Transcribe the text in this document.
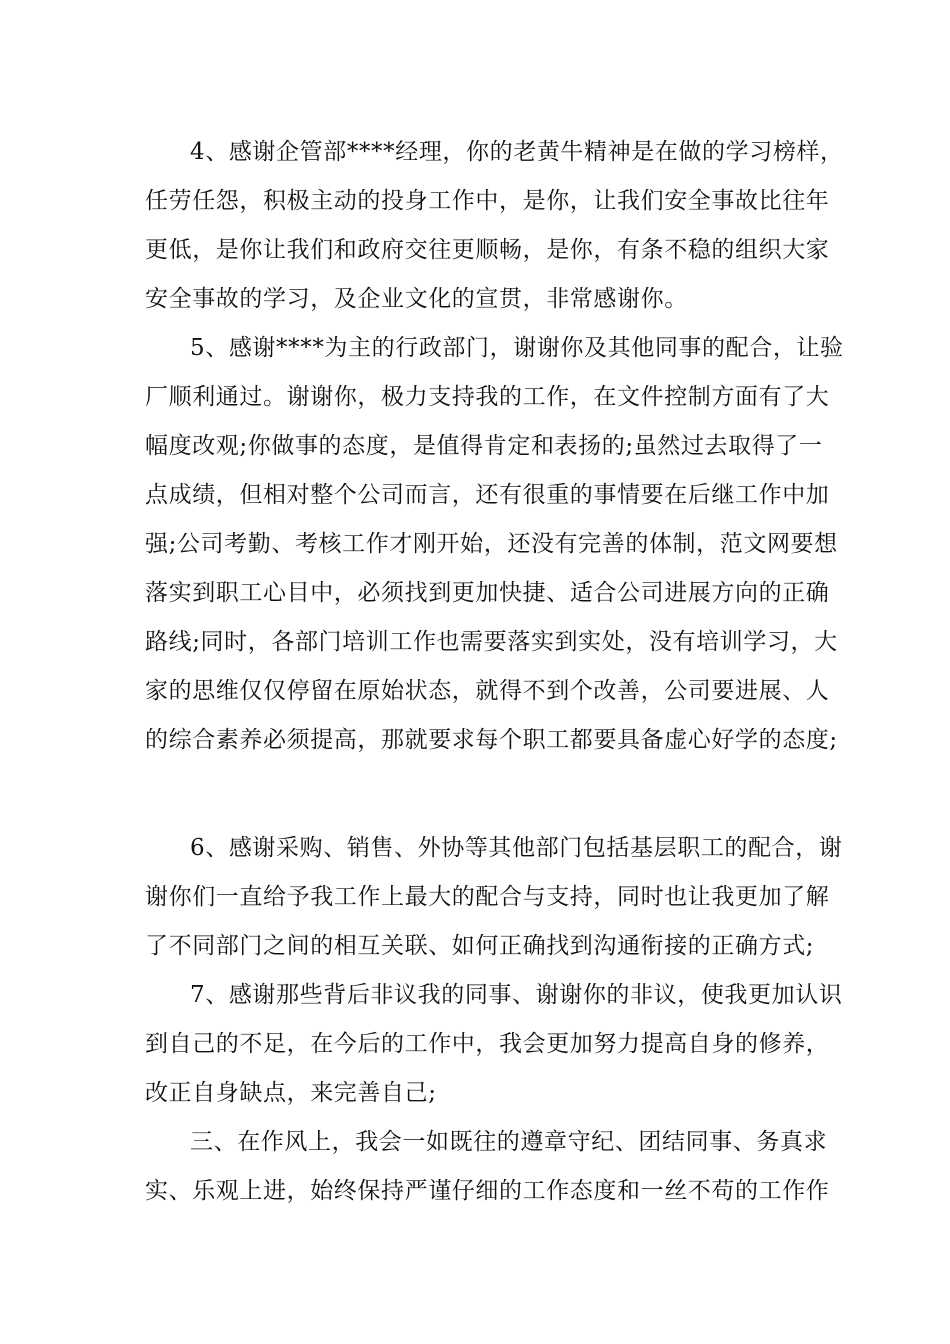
4、感谢企管部****经理，你的老黄牛精神是在做的学习榜样，
任劳任怨，积极主动的投身工作中，是你，让我们安全事故比往年
更低，是你让我们和政府交往更顺畅，是你，有条不稳的组织大家
安全事故的学习，及企业文化的宣贯，非常感谢你。
5、感谢****为主的行政部门，谢谢你及其他同事的配合，让验
厂顺利通过。谢谢你，极力支持我的工作，在文件控制方面有了大
幅度改观;你做事的态度，是值得肯定和表扬的;虽然过去取得了一
点成绩，但相对整个公司而言，还有很重的事情要在后继工作中加
强;公司考勤、考核工作才刚开始，还没有完善的体制，范文网要想
落实到职工心目中，必须找到更加快捷、适合公司进展方向的正确
路线;同时，各部门培训工作也需要落实到实处，没有培训学习，大
家的思维仅仅停留在原始状态，就得不到个改善，公司要进展、人
的综合素养必须提高，那就要求每个职工都要具备虚心好学的态度;
6、感谢采购、销售、外协等其他部门包括基层职工的配合，谢
谢你们一直给予我工作上最大的配合与支持，同时也让我更加了解
了不同部门之间的相互关联、如何正确找到沟通衔接的正确方式;
7、感谢那些背后非议我的同事、谢谢你的非议，使我更加认识
到自己的不足，在今后的工作中，我会更加努力提高自身的修养，
改正自身缺点，来完善自己;
三、在作风上，我会一如既往的遵章守纪、团结同事、务真求
实、乐观上进，始终保持严谨仔细的工作态度和一丝不苟的工作作
